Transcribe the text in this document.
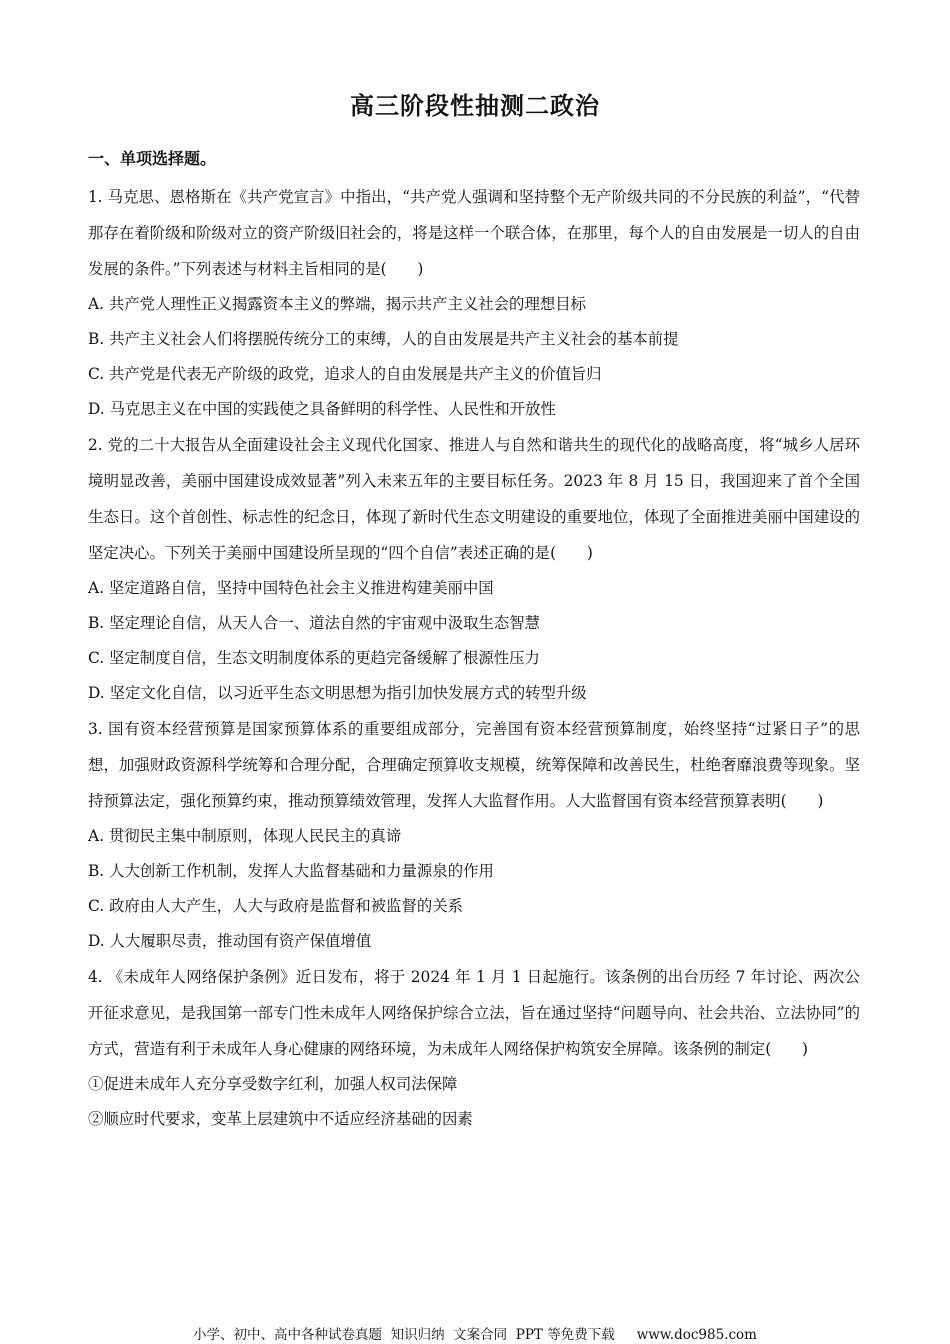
高三阶段性抽测二政治
一、单项选择题。
1. 马克思、恩格斯在《共产党宣言》中指出，“共产党人强调和坚持整个无产阶级共同的不分民族的利益”，“代替那存在着阶级和阶级对立的资产阶级旧社会的，将是这样一个联合体，在那里，每个人的自由发展是一切人的自由发展的条件。”下列表述与材料主旨相同的是(　　)
A. 共产党人理性正义揭露资本主义的弊端，揭示共产主义社会的理想目标
B. 共产主义社会人们将摆脱传统分工的束缚，人的自由发展是共产主义社会的基本前提
C. 共产党是代表无产阶级的政党，追求人的自由发展是共产主义的价值旨归
D. 马克思主义在中国的实践使之具备鲜明的科学性、人民性和开放性
2. 党的二十大报告从全面建设社会主义现代化国家、推进人与自然和谐共生的现代化的战略高度，将“城乡人居环境明显改善，美丽中国建设成效显著”列入未来五年的主要目标任务。2023 年 8 月 15 日，我国迎来了首个全国生态日。这个首创性、标志性的纪念日，体现了新时代生态文明建设的重要地位，体现了全面推进美丽中国建设的坚定决心。下列关于美丽中国建设所呈现的“四个自信”表述正确的是(　　)
A. 坚定道路自信，坚持中国特色社会主义推进构建美丽中国
B. 坚定理论自信，从天人合一、道法自然的宇宙观中汲取生态智慧
C. 坚定制度自信，生态文明制度体系的更趋完备缓解了根源性压力
D. 坚定文化自信，以习近平生态文明思想为指引加快发展方式的转型升级
3. 国有资本经营预算是国家预算体系的重要组成部分，完善国有资本经营预算制度，始终坚持“过紧日子”的思想，加强财政资源科学统筹和合理分配，合理确定预算收支规模，统筹保障和改善民生，杜绝奢靡浪费等现象。坚持预算法定，强化预算约束，推动预算绩效管理，发挥人大监督作用。人大监督国有资本经营预算表明(　　)
A. 贯彻民主集中制原则，体现人民民主的真谛
B. 人大创新工作机制，发挥人大监督基础和力量源泉的作用
C. 政府由人大产生，人大与政府是监督和被监督的关系
D. 人大履职尽责，推动国有资产保值增值
4. 《未成年人网络保护条例》近日发布，将于 2024 年 1 月 1 日起施行。该条例的出台历经 7 年讨论、两次公开征求意见，是我国第一部专门性未成年人网络保护综合立法，旨在通过坚持“问题导向、社会共治、立法协同”的方式，营造有利于未成年人身心健康的网络环境，为未成年人网络保护构筑安全屏障。该条例的制定(　　)
①促进未成年人充分享受数字红利，加强人权司法保障
②顺应时代要求，变革上层建筑中不适应经济基础的因素
小学、初中、高中各种试卷真题  知识归纳  文案合同  PPT 等免费下载 www.doc985.com
